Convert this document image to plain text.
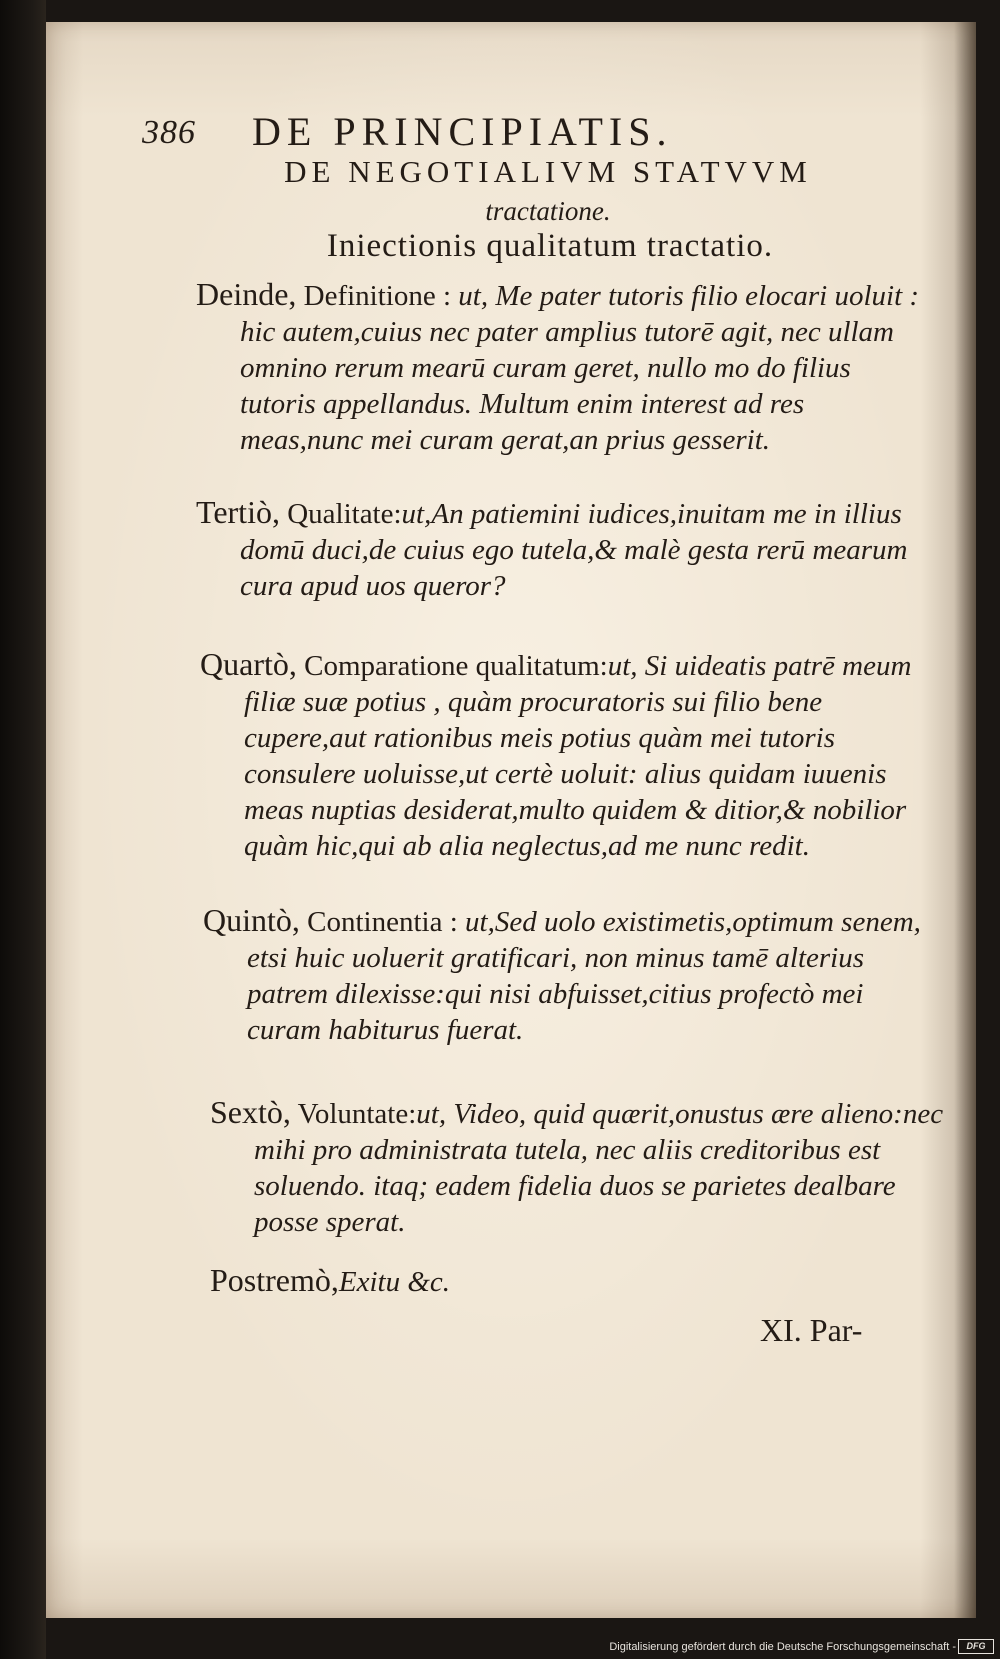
386 DE PRINCIPIATIS.
DE NEGOTIALIVM STATVVM
tractatione.
Iniectionis qualitatum tractatio.
Deinde, Definitione : ut, Me pater tutoris filio elocari uoluit : hic autem,cuius nec pater amplius tutorē agit, nec ullam omnino rerum mearū curam geret, nullo mo do filius tutoris appellandus. Multum enim interest ad res meas,nunc mei curam gerat,an prius gesserit.
Tertiò, Qualitate:ut,An patiemini iudices,inuitam me in illius domū duci,de cuius ego tutela,& malè gesta rerū mearum cura apud uos queror?
Quartò, Comparatione qualitatum:ut, Si uideatis patrē meum filiæ suæ potius , quàm procuratoris sui filio bene cupere,aut rationibus meis potius quàm mei tutoris consulere uoluisse,ut certè uoluit: alius quidam iuuenis meas nuptias desiderat,multo quidem & ditior,& nobilior quàm hic,qui ab alia neglectus,ad me nunc redit.
Quintò, Continentia : ut,Sed uolo existimetis,optimum senem, etsi huic uoluerit gratificari, non minus tamē alterius patrem dilexisse:qui nisi abfuisset,citius profectò mei curam habiturus fuerat.
Sextò, Voluntate:ut, Video, quid quærit,onustus ære alieno:nec mihi pro administrata tutela, nec aliis creditoribus est soluendo. itaq; eadem fidelia duos se parietes dealbare posse sperat.
Postremò,Exitu &c.
XI. Par-
Digitalisierung gefördert durch die Deutsche Forschungsgemeinschaft -	DFG
